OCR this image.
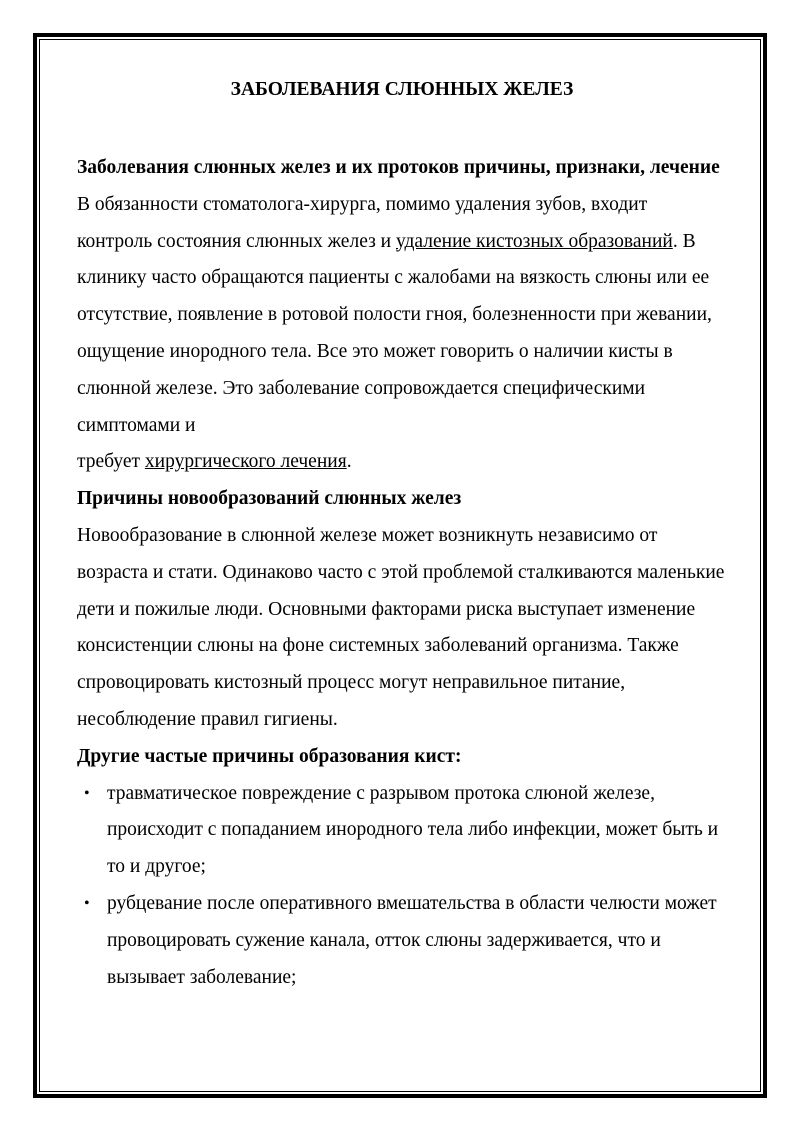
ЗАБОЛЕВАНИЯ СЛЮННЫХ ЖЕЛЕЗ
Заболевания слюнных желез и их протоков причины, признаки, лечение

В обязанности стоматолога-хирурга, помимо удаления зубов, входит контроль состояния слюнных желез и удаление кистозных образований. В клинику часто обращаются пациенты с жалобами на вязкость слюны или ее отсутствие, появление в ротовой полости гноя, болезненности при жевании, ощущение инородного тела. Все это может говорить о наличии кисты в слюнной железе. Это заболевание сопровождается специфическими симптомами и

требует хирургического лечения.

Причины новообразований слюнных желез

Новообразование в слюнной железе может возникнуть независимо от возраста и стати. Одинаково часто с этой проблемой сталкиваются маленькие дети и пожилые люди. Основными факторами риска выступает изменение консистенции слюны на фоне системных заболеваний организма. Также спровоцировать кистозный процесс могут неправильное питание, несоблюдение правил гигиены.

Другие частые причины образования кист:
• травматическое повреждение с разрывом протока слюной железе, происходит с попаданием инородного тела либо инфекции, может быть и то и другое;
• рубцевание после оперативного вмешательства в области челюсти может провоцировать сужение канала, отток слюны задерживается, что и вызывает заболевание;
